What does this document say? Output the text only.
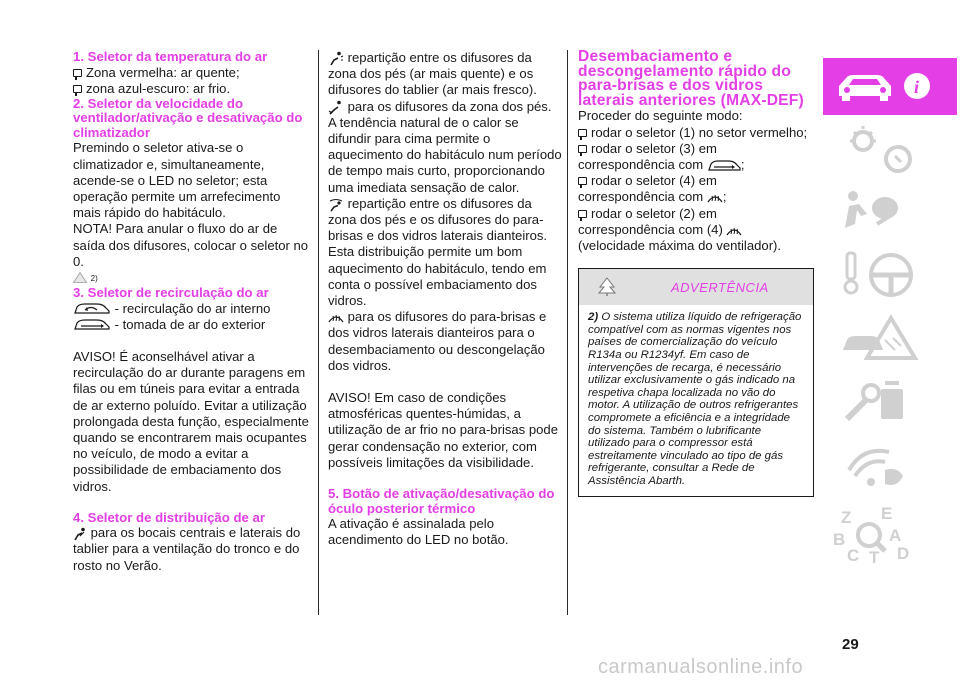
1. Seletor da temperatura do ar

Zona vermelha: ar quente;

zona azul-escuro: ar frio.

2. Seletor da velocidade do ventilador/ativação e desativação do climatizador

Premindo o seletor ativa-se o climatizador e, simultaneamente, acende-se o LED no seletor; esta operação permite um arrefecimento mais rápido do habitáculo.

NOTA! Para anular o fluxo do ar de saída dos difusores, colocar o seletor no 0.

2)

3. Seletor de recirculação do ar

- recirculação do ar interno

- tomada de ar do exterior

AVISO! É aconselhável ativar a recirculação do ar durante paragens em filas ou em túneis para evitar a entrada de ar externo poluído. Evitar a utilização prolongada desta função, especialmente quando se encontrarem mais ocupantes no veículo, de modo a evitar a possibilidade de embaciamento dos vidros.

4. Seletor de distribuição de ar

para os bocais centrais e laterais do tablier para a ventilação do tronco e do rosto no Verão.

repartição entre os difusores da zona dos pés (ar mais quente) e os difusores do tablier (ar mais fresco).

para os difusores da zona dos pés. A tendência natural de o calor se difundir para cima permite o aquecimento do habitáculo num período de tempo mais curto, proporcionando uma imediata sensação de calor.

repartição entre os difusores da zona dos pés e os difusores do para-brisas e dos vidros laterais dianteiros. Esta distribuição permite um bom aquecimento do habitáculo, tendo em conta o possível embaciamento dos vidros.

para os difusores do para-brisas e dos vidros laterais dianteiros para o desembaciamento ou descongelação dos vidros.

AVISO! Em caso de condições atmosféricas quentes-húmidas, a utilização de ar frio no para-brisas pode gerar condensação no exterior, com possíveis limitações da visibilidade.

5. Botão de ativação/desativação do óculo posterior térmico

A ativação é assinalada pelo acendimento do LED no botão.

Desembaciamento e descongelamento rápido do para-brisas e dos vidros laterais anteriores (MAX-DEF)

Proceder do seguinte modo:

rodar o seletor (1) no setor vermelho;

rodar o seletor (3) em

correspondência com	;

rodar o seletor (4) em

correspondência com ;

rodar o seletor (2) em

correspondência com (4)

(velocidade máxima do ventilador).

ADVERTÊNCIA
2) O sistema utiliza líquido de refrigeração compatível com as normas vigentes nos países de comercialização do veículo R134a ou R1234yf. Em caso de intervenções de recarga, é necessário utilizar exclusivamente o gás indicado na respetiva chapa localizada no vão do motor. A utilização de outros refrigerantes compromete a eficiência e a integridade do sistema. Também o lubrificante utilizado para o compressor está estreitamente vinculado ao tipo de gás refrigerante, consultar a Rede de Assistência Abarth.
i
Z E
B	A
C T D
29
carmanualsonline.info
